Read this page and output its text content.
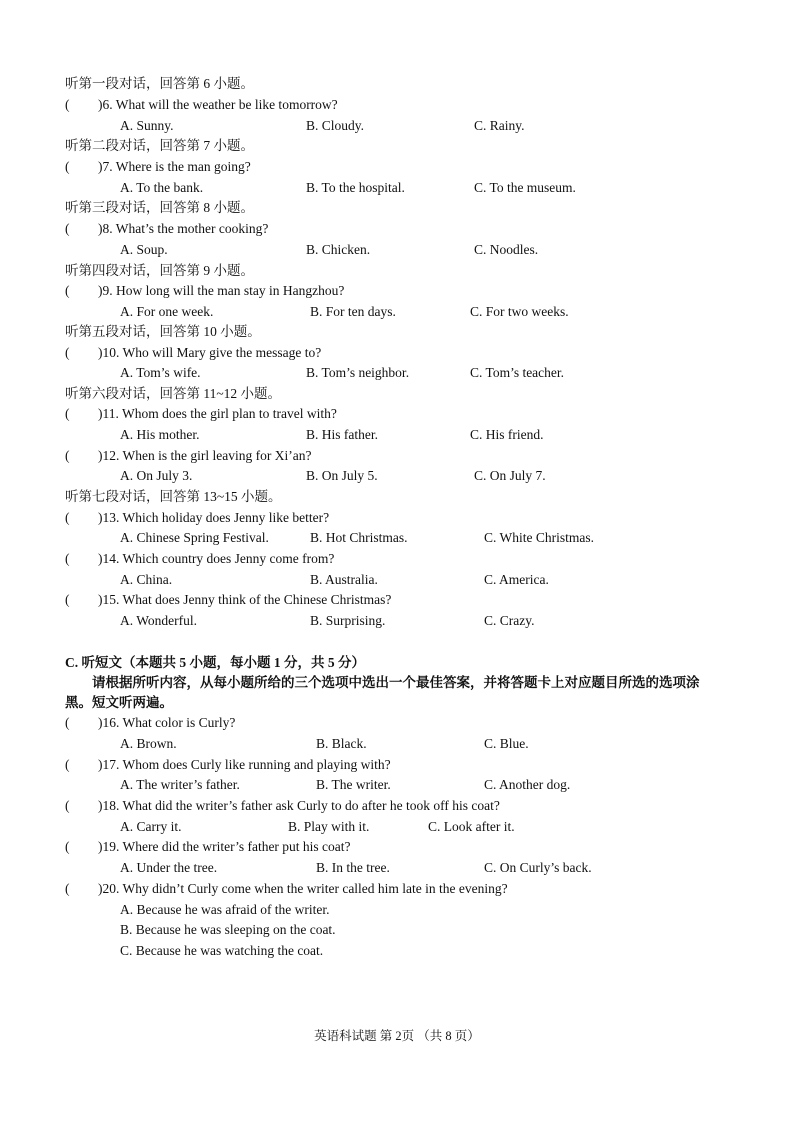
听第一段对话，回答第 6 小题。
( )6. What will the weather be like tomorrow?
A. Sunny.	B. Cloudy.	C. Rainy.
听第二段对话，回答第 7 小题。
( )7. Where is the man going?
A. To the bank.	B. To the hospital.	C. To the museum.
听第三段对话，回答第 8 小题。
( )8. What’s the mother cooking?
A. Soup.	B. Chicken.	C. Noodles.
听第四段对话，回答第 9 小题。
( )9. How long will the man stay in Hangzhou?
A. For one week.	B. For ten days.	C. For two weeks.
听第五段对话，回答第 10 小题。
( )10. Who will Mary give the message to?
A. Tom’s wife.	B. Tom’s neighbor.	C. Tom’s teacher.
听第六段对话，回答第 11~12 小题。
( )11. Whom does the girl plan to travel with?
A. His mother.	B. His father.	C. His friend.
( )12. When is the girl leaving for Xi’an?
A. On July 3.	B. On July 5.	C. On July 7.
听第七段对话，回答第 13~15 小题。
( )13. Which holiday does Jenny like better?
A. Chinese Spring Festival.	B. Hot Christmas.	C. White Christmas.
( )14. Which country does Jenny come from?
A. China.	B. Australia.	C. America.
( )15. What does Jenny think of the Chinese Christmas?
A. Wonderful.	B. Surprising.	C. Crazy.
C. 听短文（本题共 5 小题，每小题 1 分，共 5 分）
请根据所听内容，从每小题所给的三个选项中选出一个最佳答案，并将答题卡上对应题目所选的选项涂
黑。短文听两遍。
( )16. What color is Curly?
A. Brown.	B. Black.	C. Blue.
( )17. Whom does Curly like running and playing with?
A. The writer’s father.	B. The writer.	C. Another dog.
( )18. What did the writer’s father ask Curly to do after he took off his coat?
A. Carry it.	B. Play with it.	C. Look after it.
( )19. Where did the writer’s father put his coat?
A. Under the tree.	B. In the tree.	C. On Curly’s back.
( )20. Why didn’t Curly come when the writer called him late in the evening?
A. Because he was afraid of the writer.
B. Because he was sleeping on the coat.
C. Because he was watching the coat.
英语科试题 第 2页 （共 8 页）
